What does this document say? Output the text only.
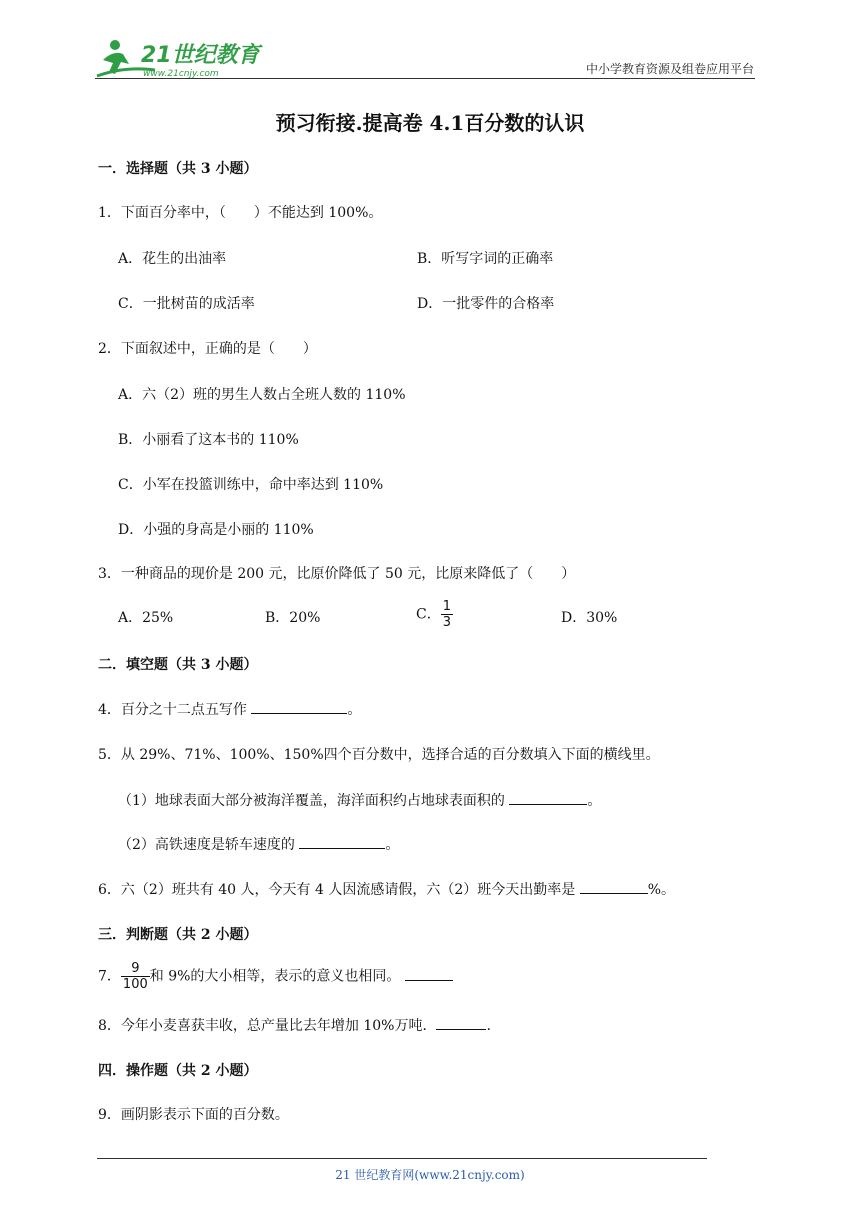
21世纪教育
www.21cnjy.com	中小学教育资源及组卷应用平台
预习衔接.提高卷 4.1百分数的认识
一．选择题（共 3 小题）
1．下面百分率中，（　　）不能达到 100%。
A．花生的出油率	B．听写字词的正确率
C．一批树苗的成活率	D．一批零件的合格率
2．下面叙述中，正确的是（　　）
A．六（2）班的男生人数占全班人数的 110%
B．小丽看了这本书的 110%
C．小军在投篮训练中，命中率达到 110%
D．小强的身高是小丽的 110%
3．一种商品的现价是 200 元，比原价降低了 50 元，比原来降低了（　　）
A．25%	B．20%	C． $\frac{1}{3}$	D．30%
二．填空题（共 3 小题）
4．百分之十二点五写作	。
5．从 29%、71%、100%、150%四个百分数中，选择合适的百分数填入下面的横线里。
（1）地球表面大部分被海洋覆盖，海洋面积约占地球表面积的	。
（2）高铁速度是轿车速度的	。
6．六（2）班共有 40 人，今天有 4 人因流感请假，六（2）班今天出勤率是	%。
三．判断题（共 2 小题）
7． $\frac{9}{100}$ 和 9%的大小相等，表示的意义也相同。
8．今年小麦喜获丰收，总产量比去年增加 10%万吨．	.
四．操作题（共 2 小题）
9．画阴影表示下面的百分数。
21 世纪教育网(www.21cnjy.com)
